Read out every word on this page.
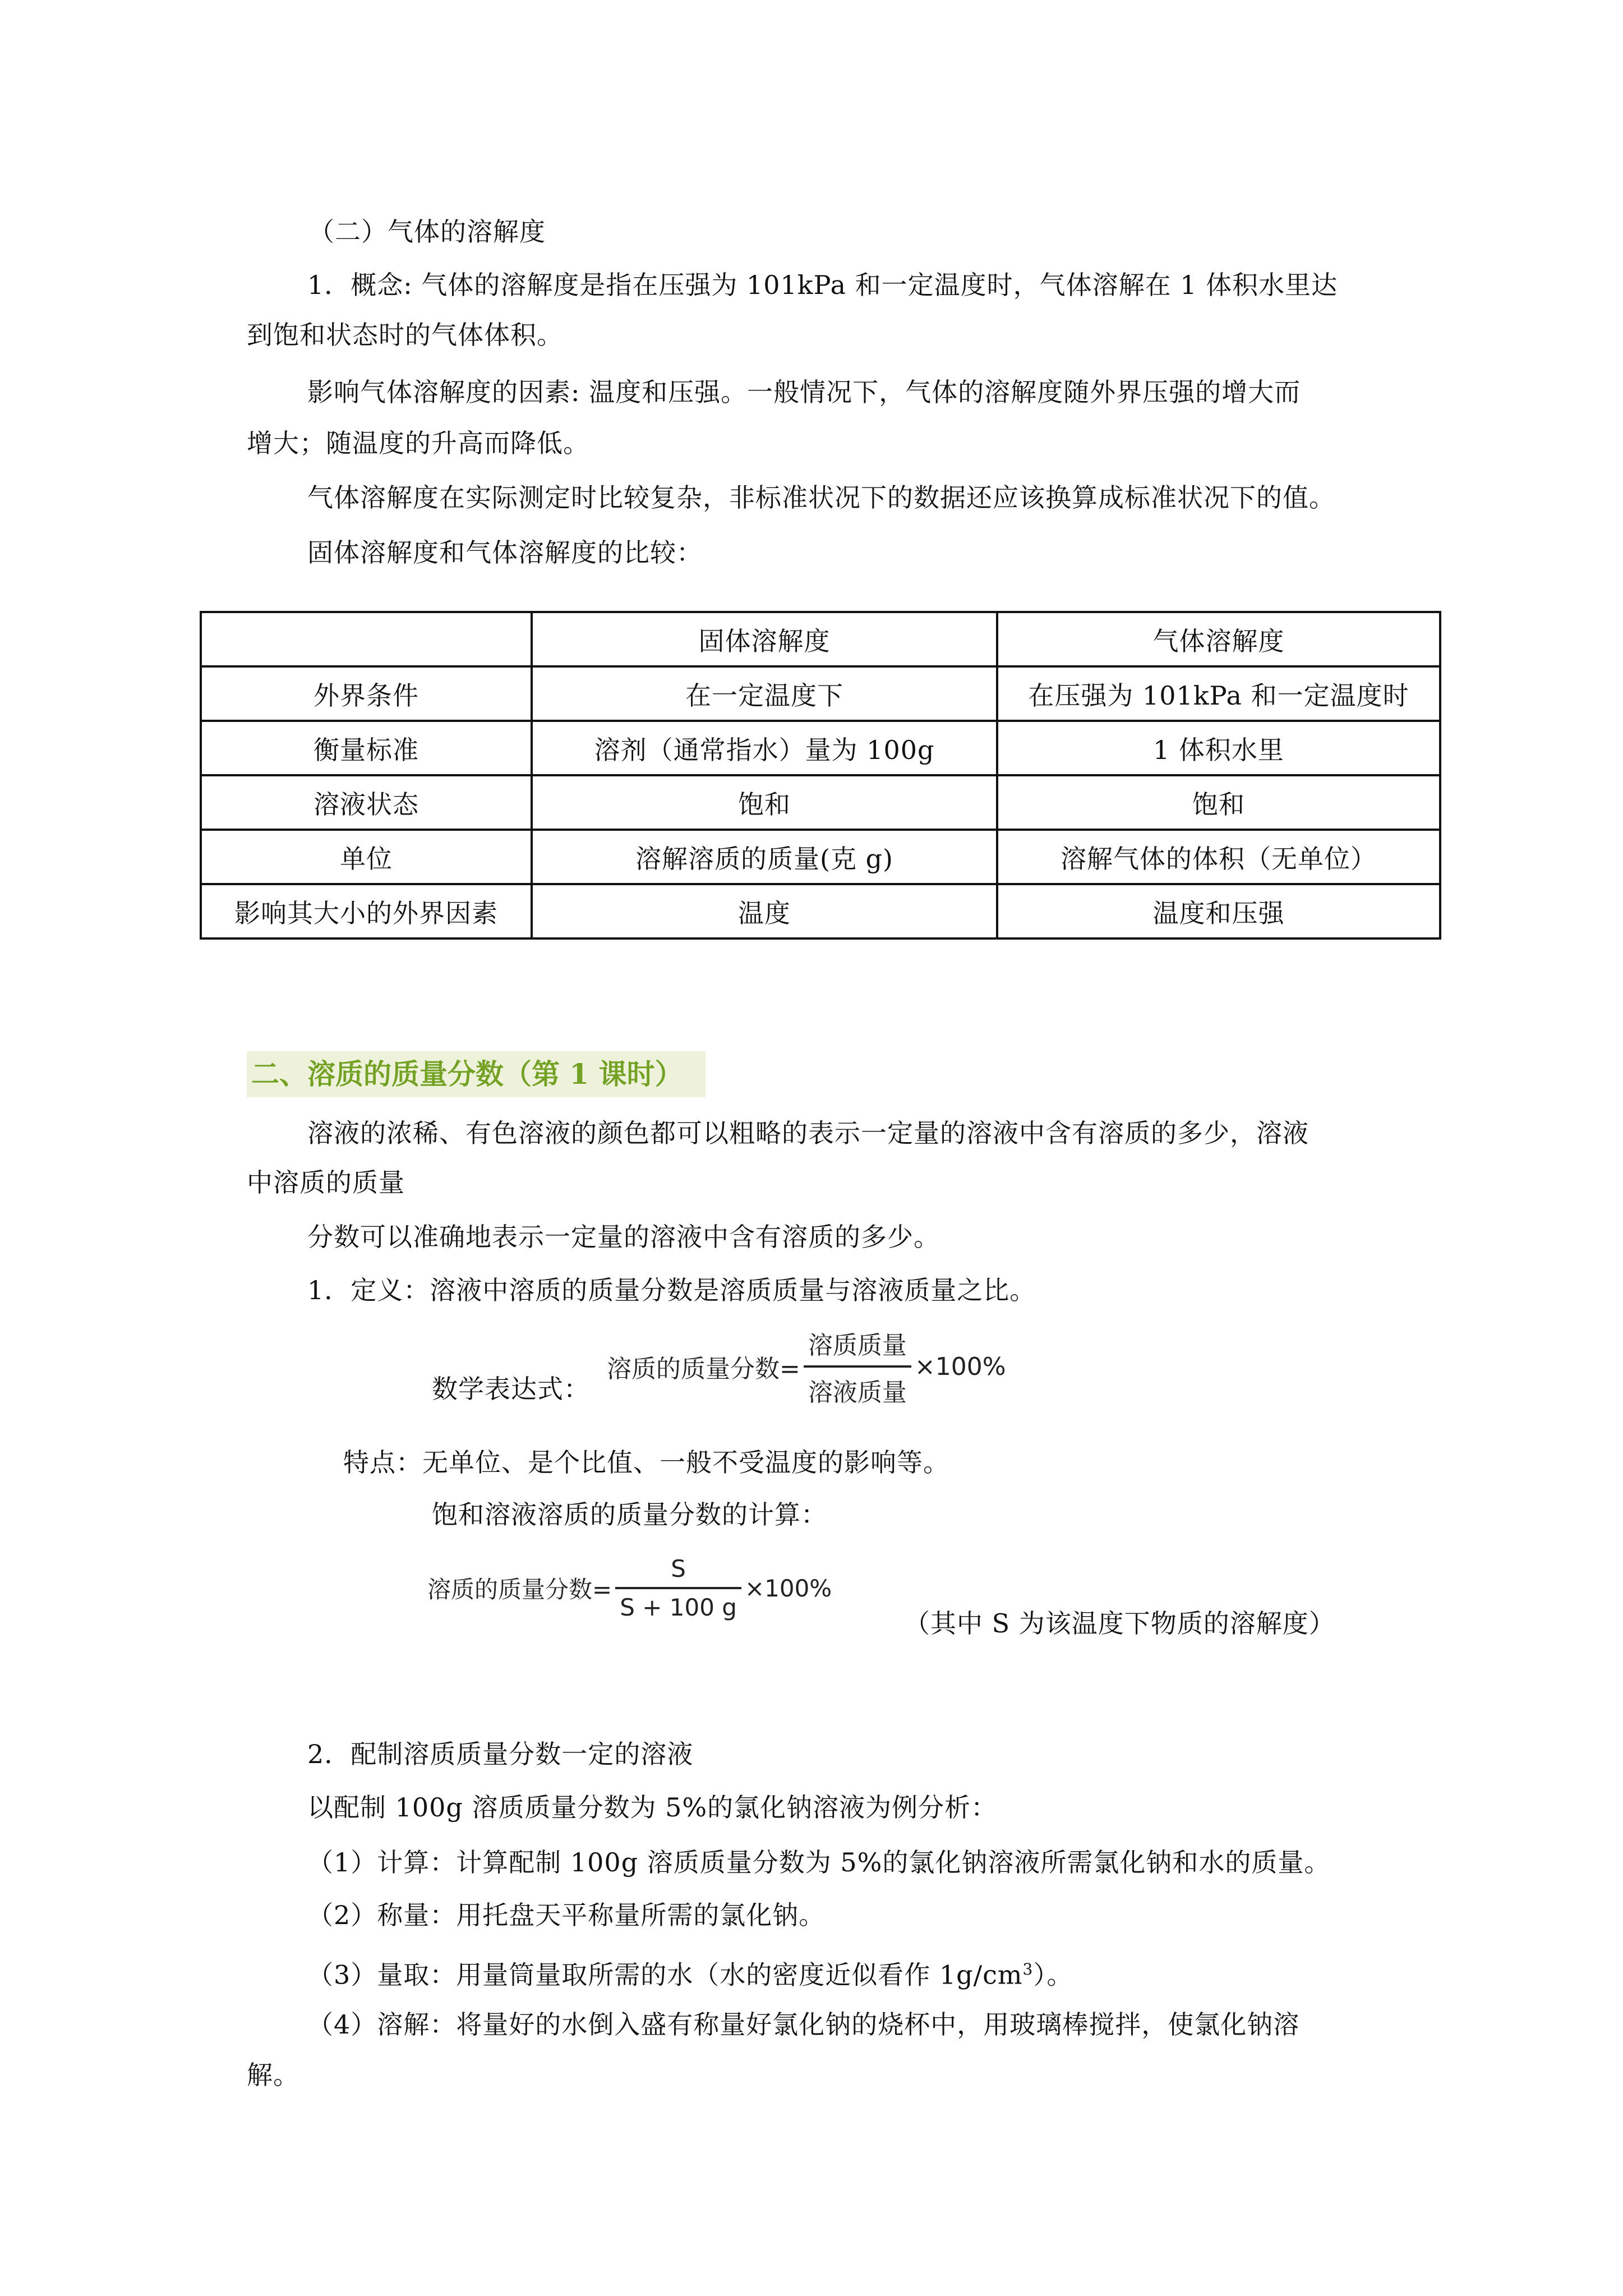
（二）气体的溶解度

1．概念: 气体的溶解度是指在压强为 101kPa 和一定温度时，气体溶解在 1 体积水里达

到饱和状态时的气体体积。

影响气体溶解度的因素: 温度和压强。一般情况下，气体的溶解度随外界压强的增大而

增大；随温度的升高而降低。

气体溶解度在实际测定时比较复杂，非标准状况下的数据还应该换算成标准状况下的值。

固体溶解度和气体溶解度的比较：

	固体溶解度	气体溶解度
外界条件	在一定温度下	在压强为 101kPa 和一定温度时
衡量标准	溶剂（通常指水）量为 100g	1 体积水里
溶液状态	饱和	饱和
单位	溶解溶质的质量(克 g)	溶解气体的体积（无单位）
影响其大小的外界因素	温度	温度和压强
二、溶质的质量分数（第 1 课时）

溶液的浓稀、有色溶液的颜色都可以粗略的表示一定量的溶液中含有溶质的多少，溶液

中溶质的质量

分数可以准确地表示一定量的溶液中含有溶质的多少。

1．定义：溶液中溶质的质量分数是溶质质量与溶液质量之比。

溶质的质量分数= $\frac{\text{溶质质量}}{\text{溶液质量}} \times 100\%$

数学表达式：

特点：无单位、是个比值、一般不受温度的影响等。

饱和溶液溶质的质量分数的计算：

溶质的质量分数= $\frac{S}{S + 100 g} \times 100\%$

（其中 S 为该温度下物质的溶解度）

2．配制溶质质量分数一定的溶液

以配制 100g 溶质质量分数为 5%的氯化钠溶液为例分析：

（1）计算：计算配制 100g 溶质质量分数为 5%的氯化钠溶液所需氯化钠和水的质量。

（2）称量：用托盘天平称量所需的氯化钠。

（3）量取：用量筒量取所需的水（水的密度近似看作 $1g/cm^3$）。

（4）溶解：将量好的水倒入盛有称量好氯化钠的烧杯中，用玻璃棒搅拌，使氯化钠溶

解。
